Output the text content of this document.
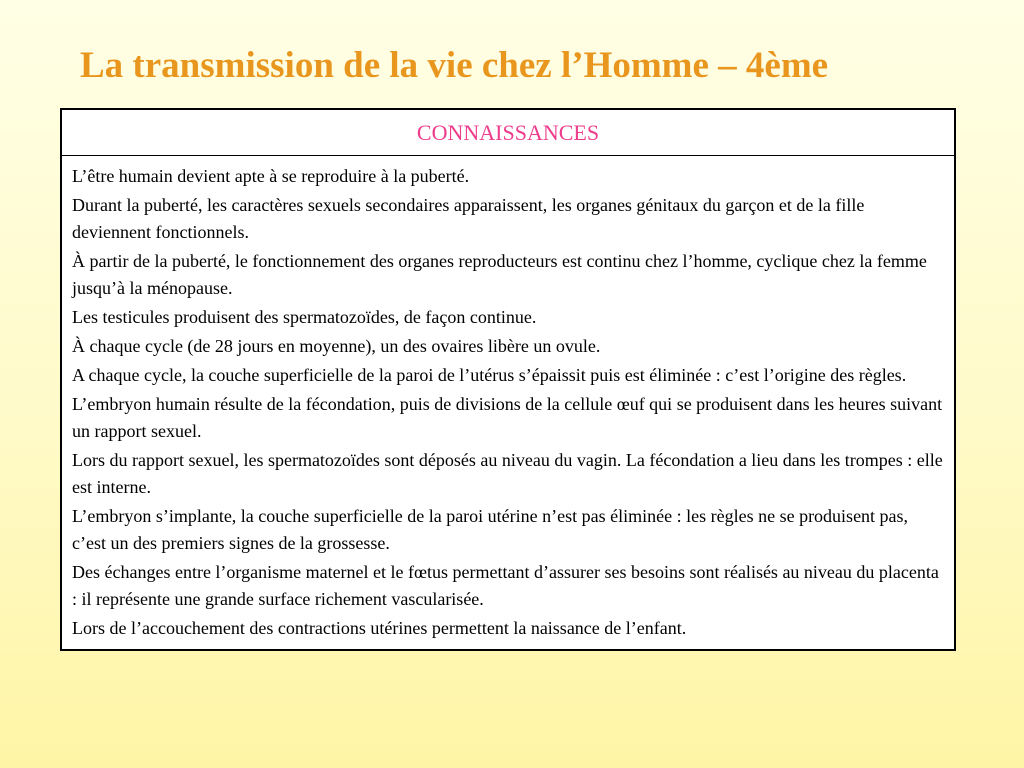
La transmission de la vie chez l’Homme – 4ème
CONNAISSANCES

L’être humain devient apte à se reproduire à la puberté.

Durant la puberté, les caractères sexuels secondaires apparaissent, les organes génitaux du garçon et de la fille deviennent fonctionnels.

À partir de la puberté, le fonctionnement des organes reproducteurs est continu chez l’homme, cyclique chez la femme jusqu’à la ménopause.

Les testicules produisent des spermatozoïdes, de façon continue.

À chaque cycle (de 28 jours en moyenne), un des ovaires libère un ovule.

A chaque cycle, la couche superficielle de la paroi de l’utérus s’épaissit puis est éliminée : c’est l’origine des règles.

L’embryon humain résulte de la fécondation, puis de divisions de la cellule œuf qui se produisent dans les heures suivant un rapport sexuel.

Lors du rapport sexuel, les spermatozoïdes sont déposés au niveau du vagin. La fécondation a lieu dans les trompes : elle est interne.

L’embryon s’implante, la couche superficielle de la paroi utérine n’est pas éliminée : les règles ne se produisent pas, c’est un des premiers signes de la grossesse.

Des échanges entre l’organisme maternel et le fœtus permettant d’assurer ses besoins sont réalisés au niveau du placenta : il représente une grande surface richement vascularisée.

Lors de l’accouchement des contractions utérines permettent la naissance de l’enfant.
